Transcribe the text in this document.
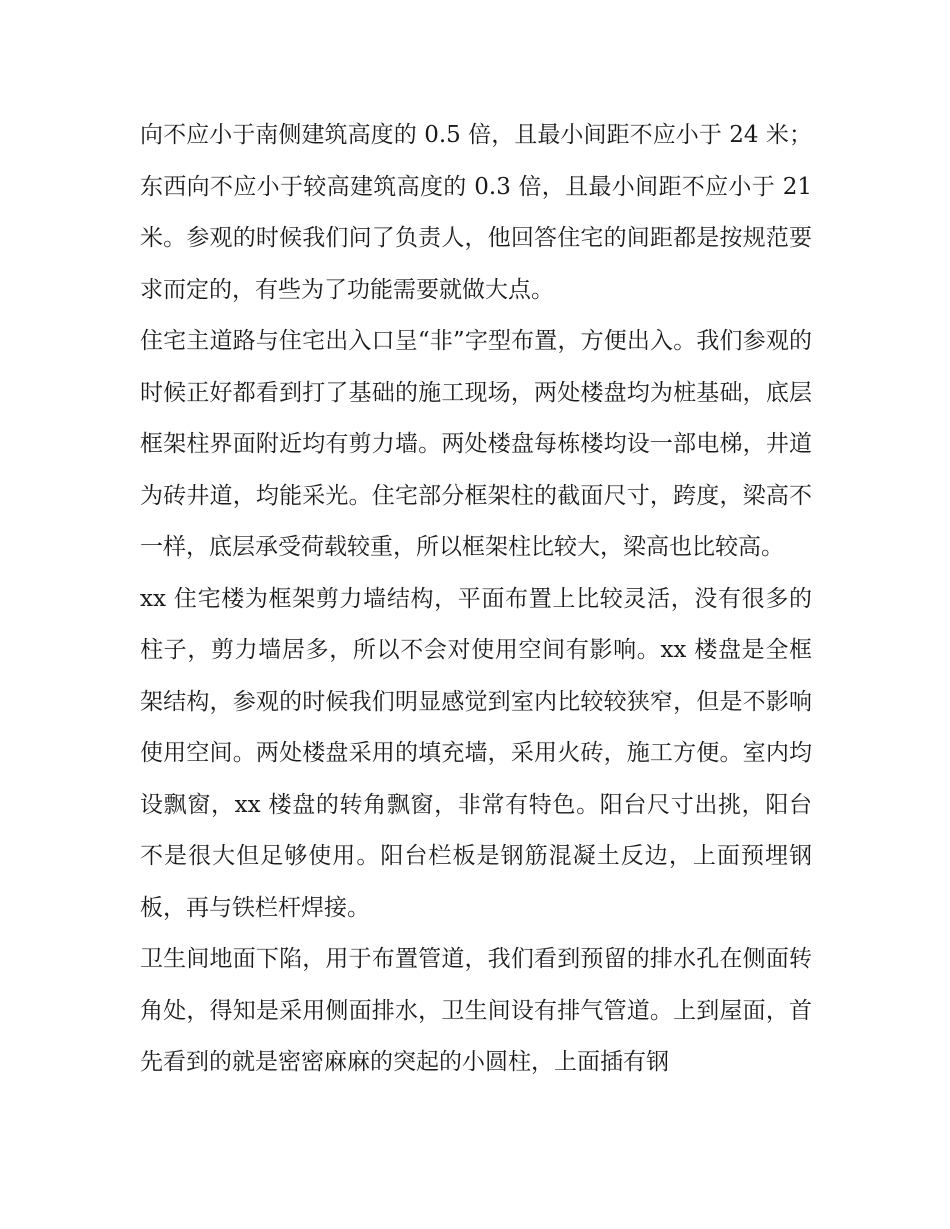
向不应小于南侧建筑高度的 0.5 倍，且最小间距不应小于 24 米；东西向不应小于较高建筑高度的 0.3 倍，且最小间距不应小于 21 米。参观的时候我们问了负责人，他回答住宅的间距都是按规范要求而定的，有些为了功能需要就做大点。

住宅主道路与住宅出入口呈“非”字型布置，方便出入。我们参观的时候正好都看到打了基础的施工现场，两处楼盘均为桩基础，底层框架柱界面附近均有剪力墙。两处楼盘每栋楼均设一部电梯，井道为砖井道，均能采光。住宅部分框架柱的截面尺寸，跨度，梁高不一样，底层承受荷载较重，所以框架柱比较大，梁高也比较高。

xx 住宅楼为框架剪力墙结构，平面布置上比较灵活，没有很多的柱子，剪力墙居多，所以不会对使用空间有影响。xx 楼盘是全框架结构，参观的时候我们明显感觉到室内比较较狭窄，但是不影响使用空间。两处楼盘采用的填充墙，采用火砖，施工方便。室内均设飘窗，xx 楼盘的转角飘窗，非常有特色。阳台尺寸出挑，阳台不是很大但足够使用。阳台栏板是钢筋混凝土反边，上面预埋钢板，再与铁栏杆焊接。

卫生间地面下陷，用于布置管道，我们看到预留的排水孔在侧面转角处，得知是采用侧面排水，卫生间设有排气管道。上到屋面，首先看到的就是密密麻麻的突起的小圆柱，上面插有钢
